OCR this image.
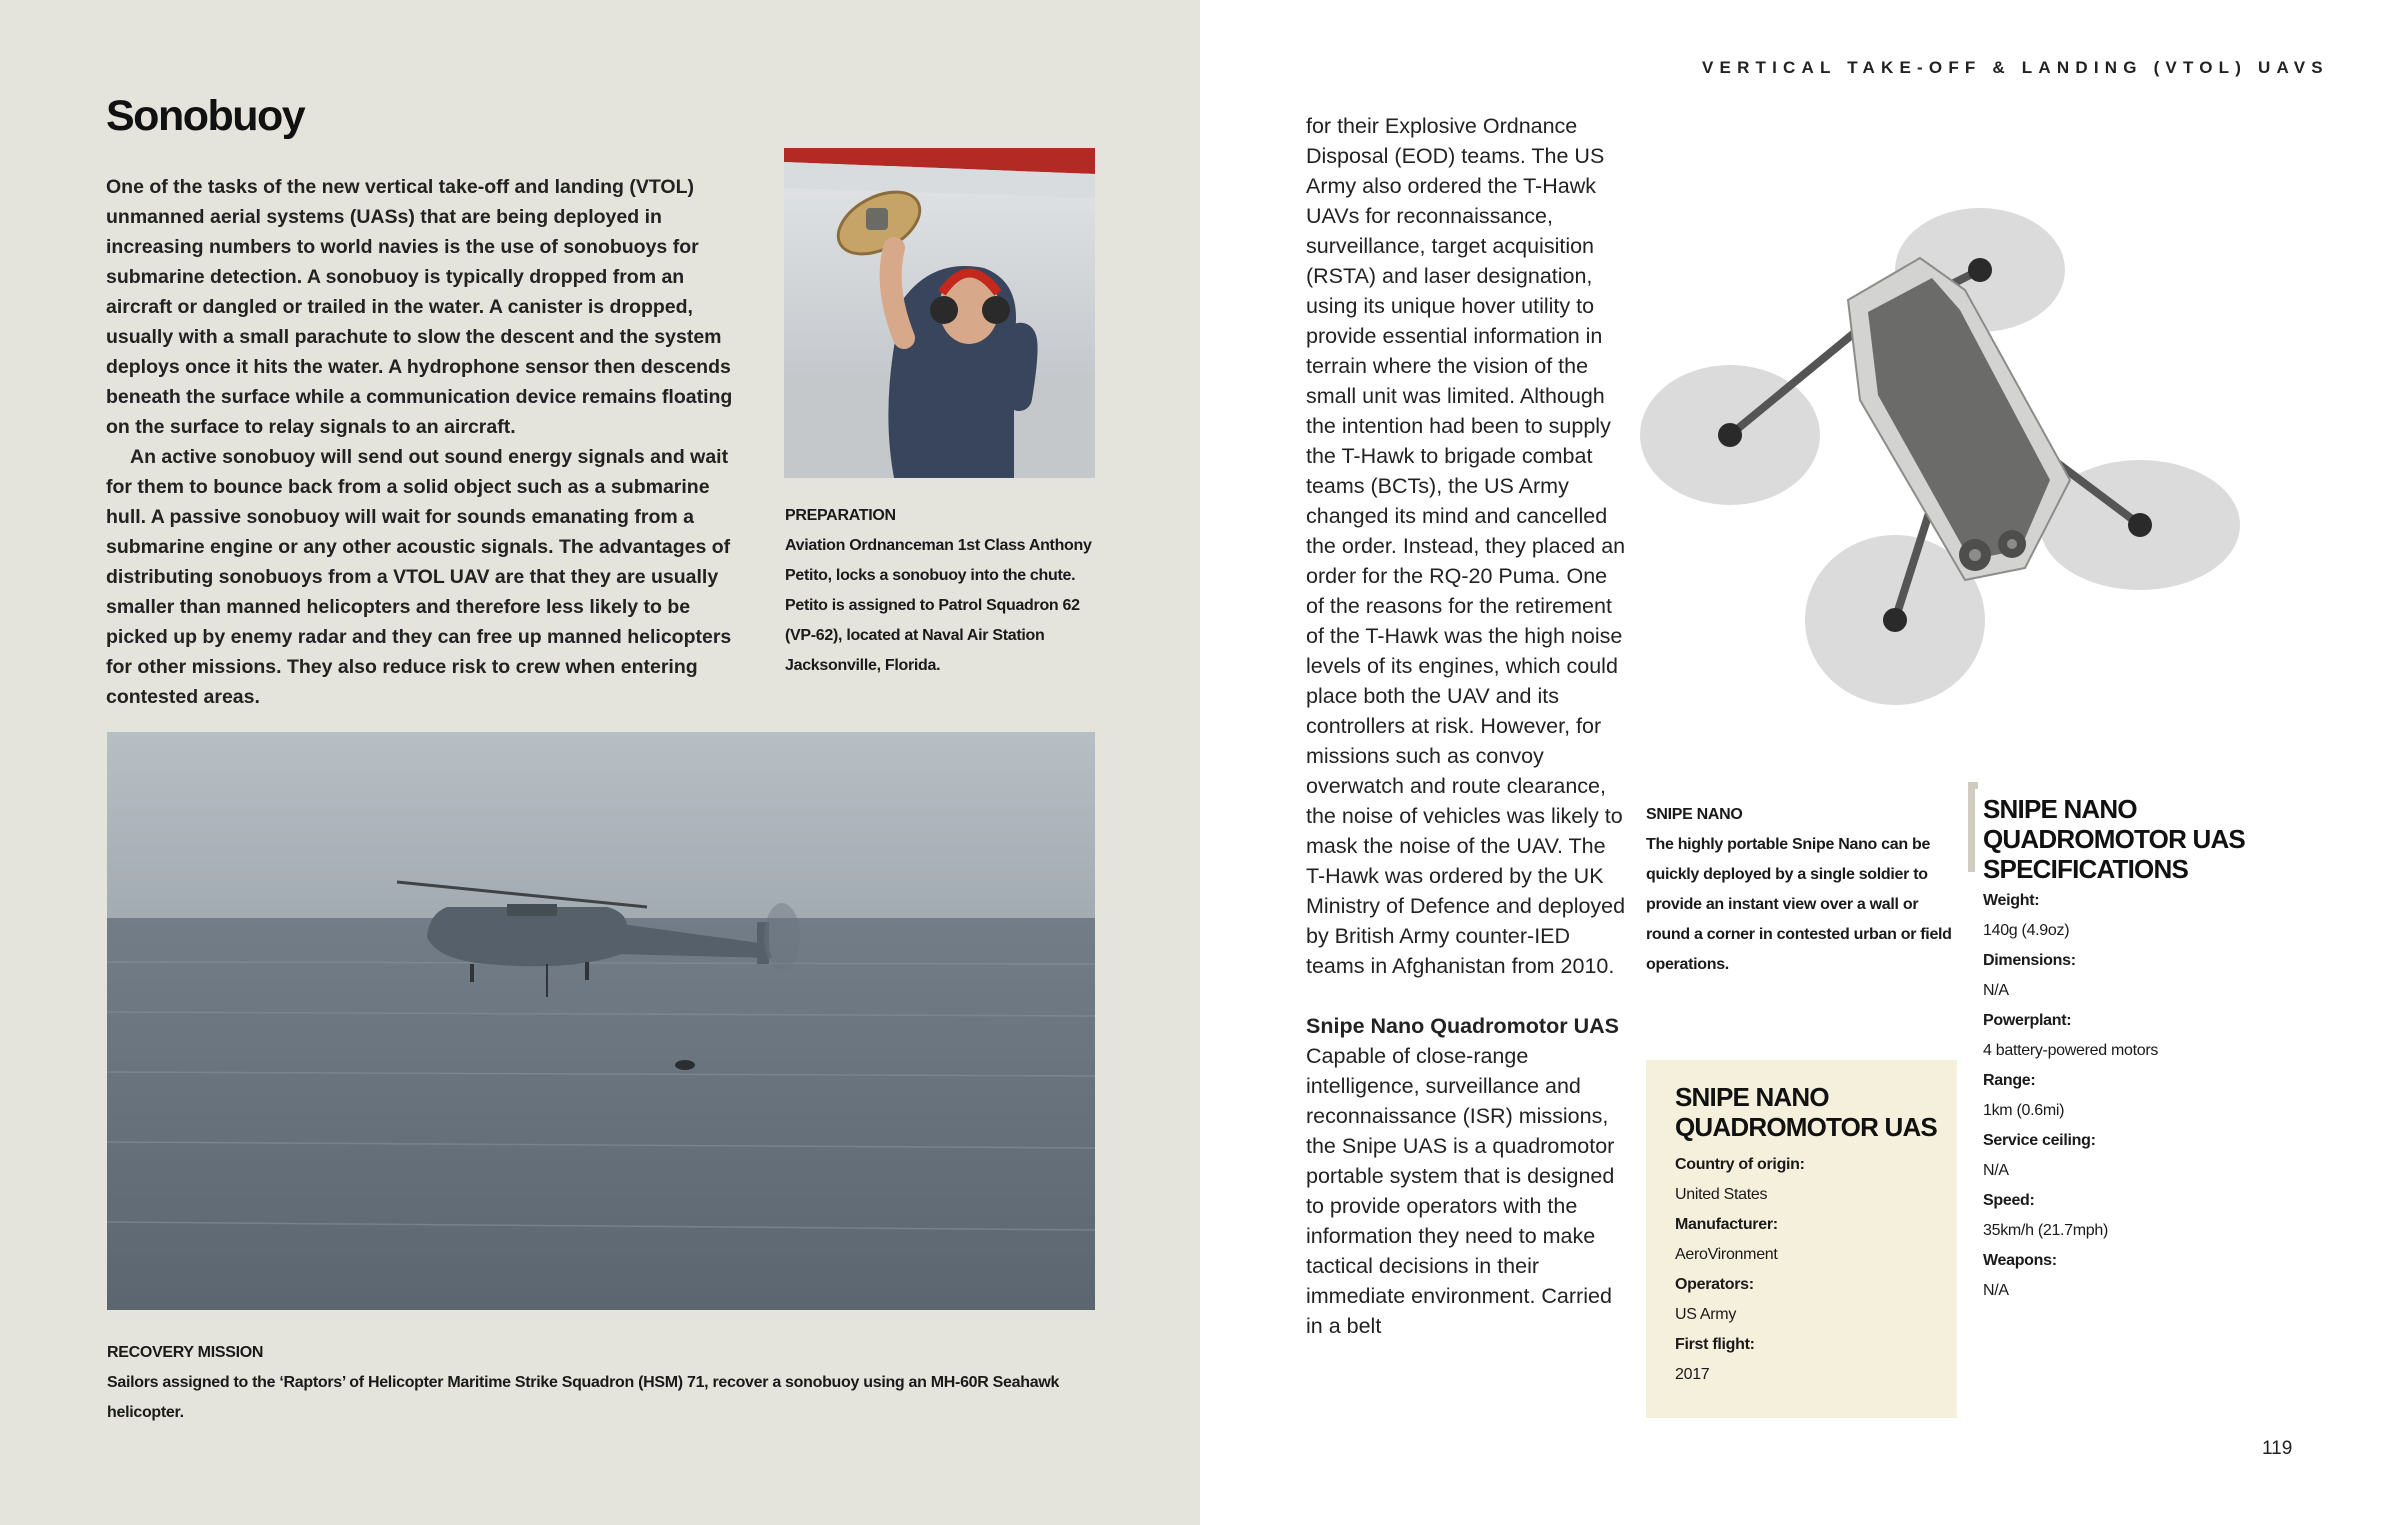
Sonobuoy

One of the tasks of the new vertical take-off and landing (VTOL) unmanned aerial systems (UASs) that are being deployed in increasing numbers to world navies is the use of sonobuoys for submarine detection. A sonobuoy is typically dropped from an aircraft or dangled or trailed in the water. A canister is dropped, usually with a small parachute to slow the descent and the system deploys once it hits the water. A hydrophone sensor then descends beneath the surface while a communication device remains floating on the surface to relay signals to an aircraft.

An active sonobuoy will send out sound energy signals and wait for them to bounce back from a solid object such as a submarine hull. A passive sonobuoy will wait for sounds emanating from a submarine engine or any other acoustic signals. The advantages of distributing sonobuoys from a VTOL UAV are that they are usually smaller than manned helicopters and therefore less likely to be picked up by enemy radar and they can free up manned helicopters for other missions. They also reduce risk to crew when entering contested areas.

PREPARATION
Aviation Ordnanceman 1st Class Anthony Petito, locks a sonobuoy into the chute. Petito is assigned to Patrol Squadron 62 (VP-62), located at Naval Air Station Jacksonville, Florida.
RECOVERY MISSION
Sailors assigned to the ‘Raptors’ of Helicopter Maritime Strike Squadron (HSM) 71, recover a sonobuoy using an MH-60R Seahawk helicopter.
VERTICAL TAKE-OFF & LANDING (VTOL) UAVS

for their Explosive Ordnance Disposal (EOD) teams. The US Army also ordered the T-Hawk UAVs for reconnaissance, surveillance, target acquisition (RSTA) and laser designation, using its unique hover utility to provide essential information in terrain where the vision of the small unit was limited. Although the intention had been to supply the T-Hawk to brigade combat teams (BCTs), the US Army changed its mind and cancelled the order. Instead, they placed an order for the RQ-20 Puma. One of the reasons for the retirement of the T-Hawk was the high noise levels of its engines, which could place both the UAV and its controllers at risk. However, for missions such as convoy overwatch and route clearance, the noise of vehicles was likely to mask the noise of the UAV. The T-Hawk was ordered by the UK Ministry of Defence and deployed by British Army counter-IED teams in Afghanistan from 2010.

Snipe Nano Quadromotor UAS

Capable of close-range intelligence, surveillance and reconnaissance (ISR) missions, the Snipe UAS is a quadromotor portable system that is designed to provide operators with the information they need to make tactical decisions in their immediate environment. Carried in a belt

SNIPE NANO
The highly portable Snipe Nano can be quickly deployed by a single soldier to provide an instant view over a wall or round a corner in contested urban or field operations.
SNIPE NANO QUADROMOTOR UAS
Country of origin:
United States
Manufacturer:
AeroVironment
Operators:
US Army
First flight:
2017
SNIPE NANO QUADROMOTOR UAS SPECIFICATIONS
Weight:
140g (4.9oz)
Dimensions:
N/A
Powerplant:
4 battery-powered motors
Range:
1km (0.6mi)
Service ceiling:
N/A
Speed:
35km/h (21.7mph)
Weapons:
N/A
119
